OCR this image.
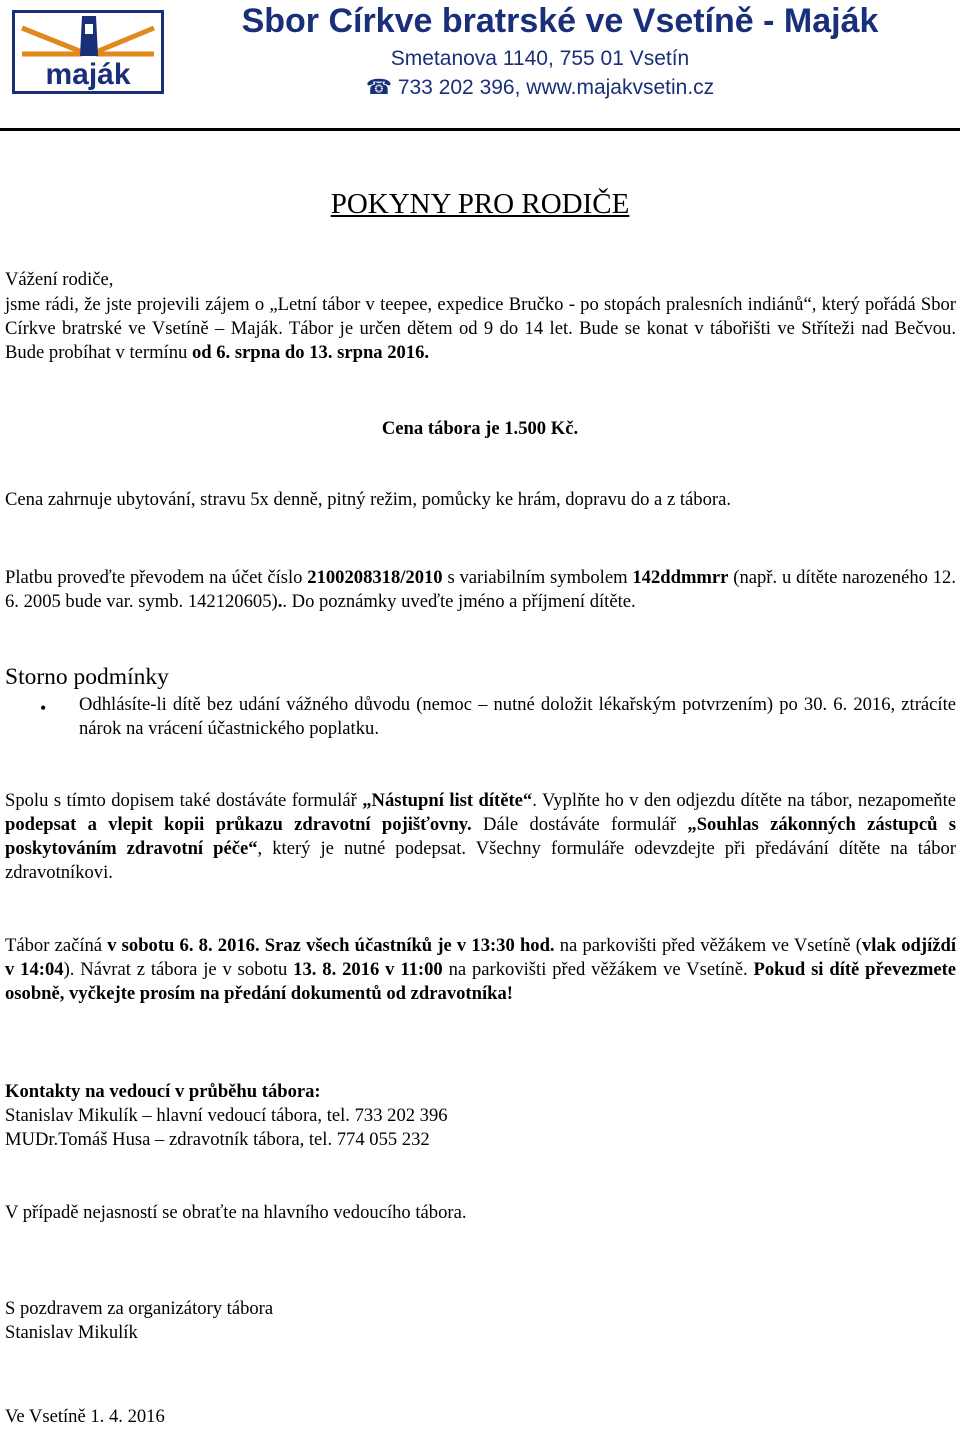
maják
Sbor Církve bratrské ve Vsetíně - Maják
Smetanova 1140, 755 01 Vsetín
☎ 733 202 396, www.majakvsetin.cz
POKYNY PRO RODIČE
Vážení rodiče,
jsme rádi, že jste projevili zájem o „Letní tábor v teepee, expedice Bručko - po stopách pralesních indiánů“, který pořádá Sbor Církve bratrské ve Vsetíně – Maják. Tábor je určen dětem od 9 do 14 let. Bude se konat v tábořišti ve Stříteži nad Bečvou. Bude probíhat v termínu od 6. srpna do 13. srpna 2016.
Cena tábora je 1.500 Kč.
Cena zahrnuje ubytování, stravu 5x denně, pitný režim, pomůcky ke hrám, dopravu do a z tábora.
Platbu proveďte převodem na účet číslo 2100208318/2010 s variabilním symbolem 142ddmmrr (např. u dítěte narozeného 12. 6. 2005 bude var. symb. 142120605).. Do poznámky uveďte jméno a příjmení dítěte.
Storno podmínky
• Odhlásíte-li dítě bez udání vážného důvodu (nemoc – nutné doložit lékařským potvrzením) po 30. 6. 2016, ztrácíte nárok na vrácení účastnického poplatku.
Spolu s tímto dopisem také dostáváte formulář „Nástupní list dítěte“. Vyplňte ho v den odjezdu dítěte na tábor, nezapomeňte podepsat a vlepit kopii průkazu zdravotní pojišťovny. Dále dostáváte formulář „Souhlas zákonných zástupců s poskytováním zdravotní péče“, který je nutné podepsat. Všechny formuláře odevzdejte při předávání dítěte na tábor zdravotníkovi.
Tábor začíná v sobotu 6. 8. 2016. Sraz všech účastníků je v 13:30 hod. na parkovišti před věžákem ve Vsetíně (vlak odjíždí v 14:04). Návrat z tábora je v sobotu 13. 8. 2016 v 11:00 na parkovišti před věžákem ve Vsetíně. Pokud si dítě převezmete osobně, vyčkejte prosím na předání dokumentů od zdravotníka!
Kontakty na vedoucí v průběhu tábora:
Stanislav Mikulík – hlavní vedoucí tábora, tel. 733 202 396
MUDr.Tomáš Husa – zdravotník tábora, tel. 774 055 232
V případě nejasností se obraťte na hlavního vedoucího tábora.
S pozdravem za organizátory tábora
Stanislav Mikulík
Ve Vsetíně 1. 4. 2016
